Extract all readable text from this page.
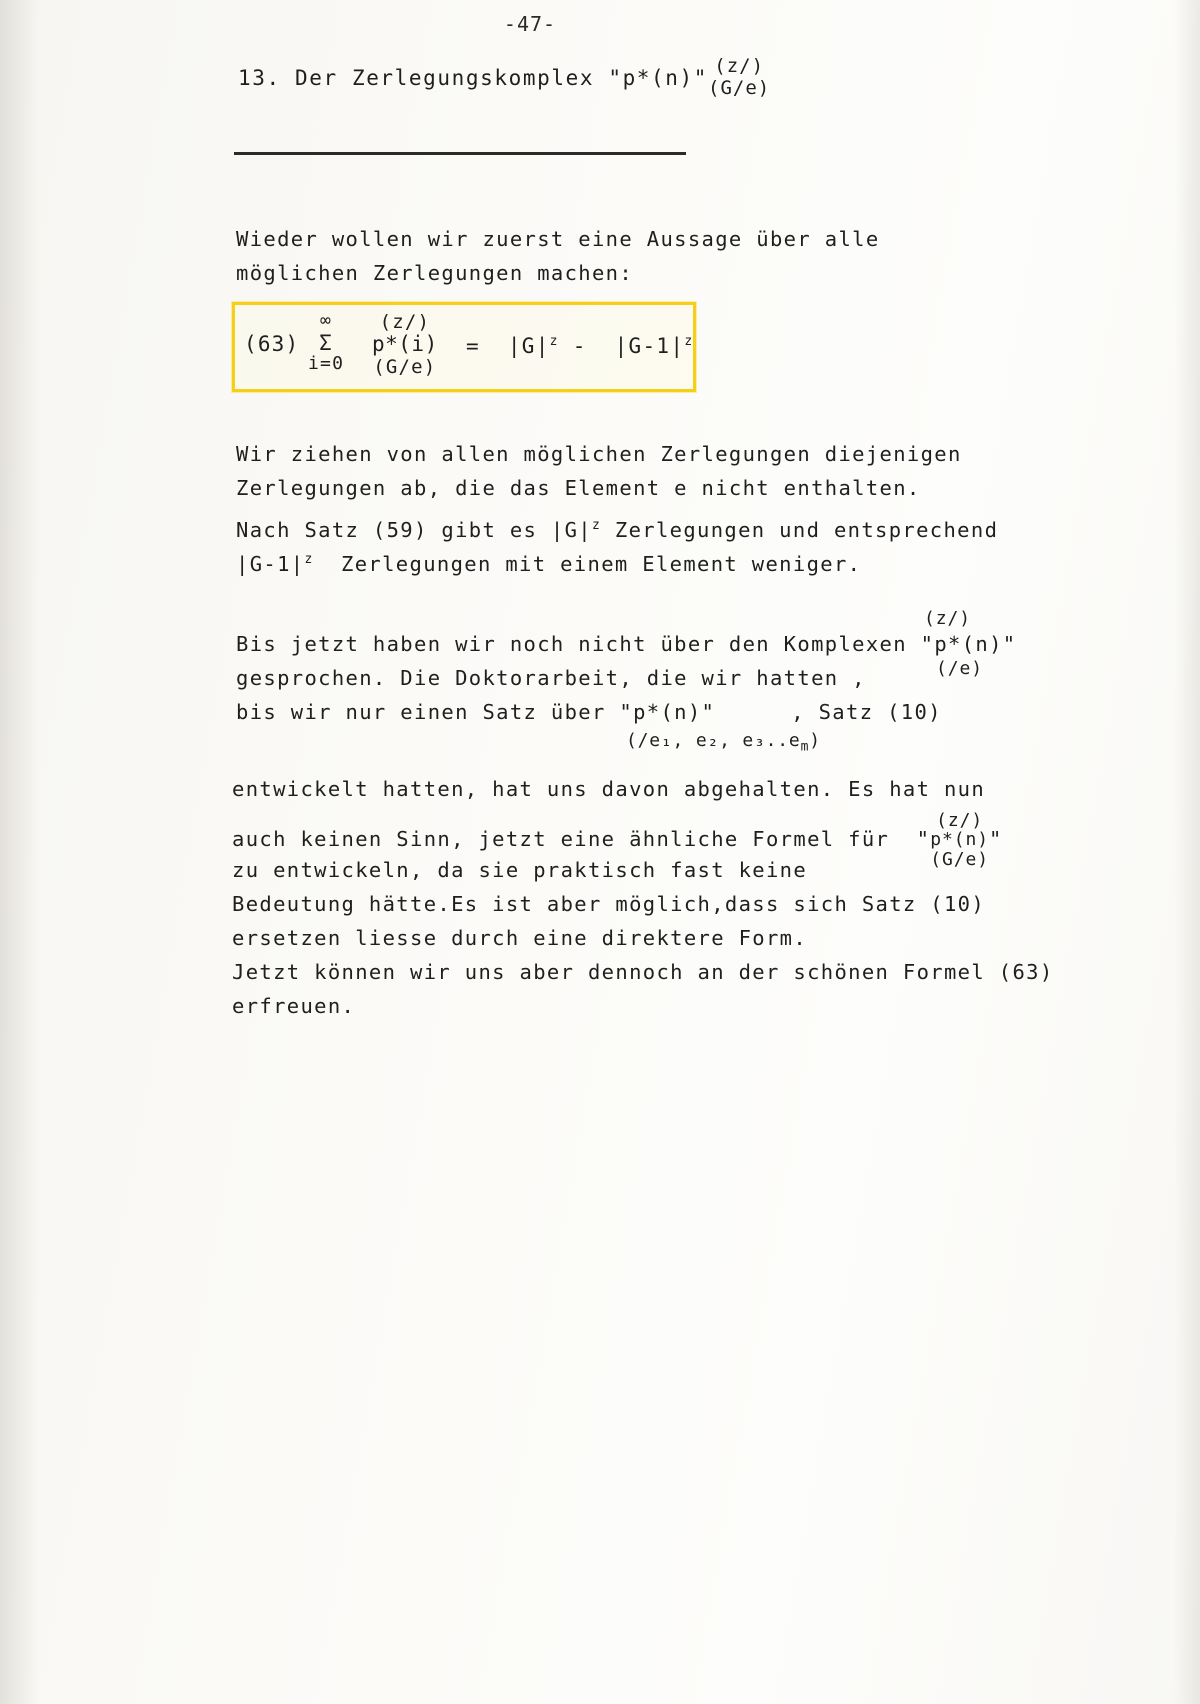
-47-
13. Der Zerlegungskomplex "p*(n)" (z/)
(G/e)
Wieder wollen wir zuerst eine Aussage über alle
möglichen Zerlegungen machen:
(63)
∞
Σ
i=0
(z/)
p*(i)
(G/e)
=  $|G|^z - |G-1|^z$
Wir ziehen von allen möglichen Zerlegungen diejenigen
Zerlegungen ab, die das Element e nicht enthalten.
Nach Satz (59) gibt es $|G|^z$ Zerlegungen und entsprechend
$|G-1|^z$  Zerlegungen mit einem Element weniger.
Bis jetzt haben wir noch nicht über den Komplexen "p*(n)"
(z/)
gesprochen. Die Doktorarbeit, die wir hatten ,	(/e)
bis wir nur einen Satz über "p*(n)"	, Satz (10)
(/e₁, e₂, $e_3..e_m$)
entwickelt hatten, hat uns davon abgehalten. Es hat nun
auch keinen Sinn, jetzt eine ähnliche Formel für  "
(z/)
p*(n)
(G/e)
"
zu entwickeln, da sie praktisch fast keine
Bedeutung hätte.Es ist aber möglich,dass sich Satz (10)
ersetzen liesse durch eine direktere Form.
Jetzt können wir uns aber dennoch an der schönen Formel (63)
erfreuen.
